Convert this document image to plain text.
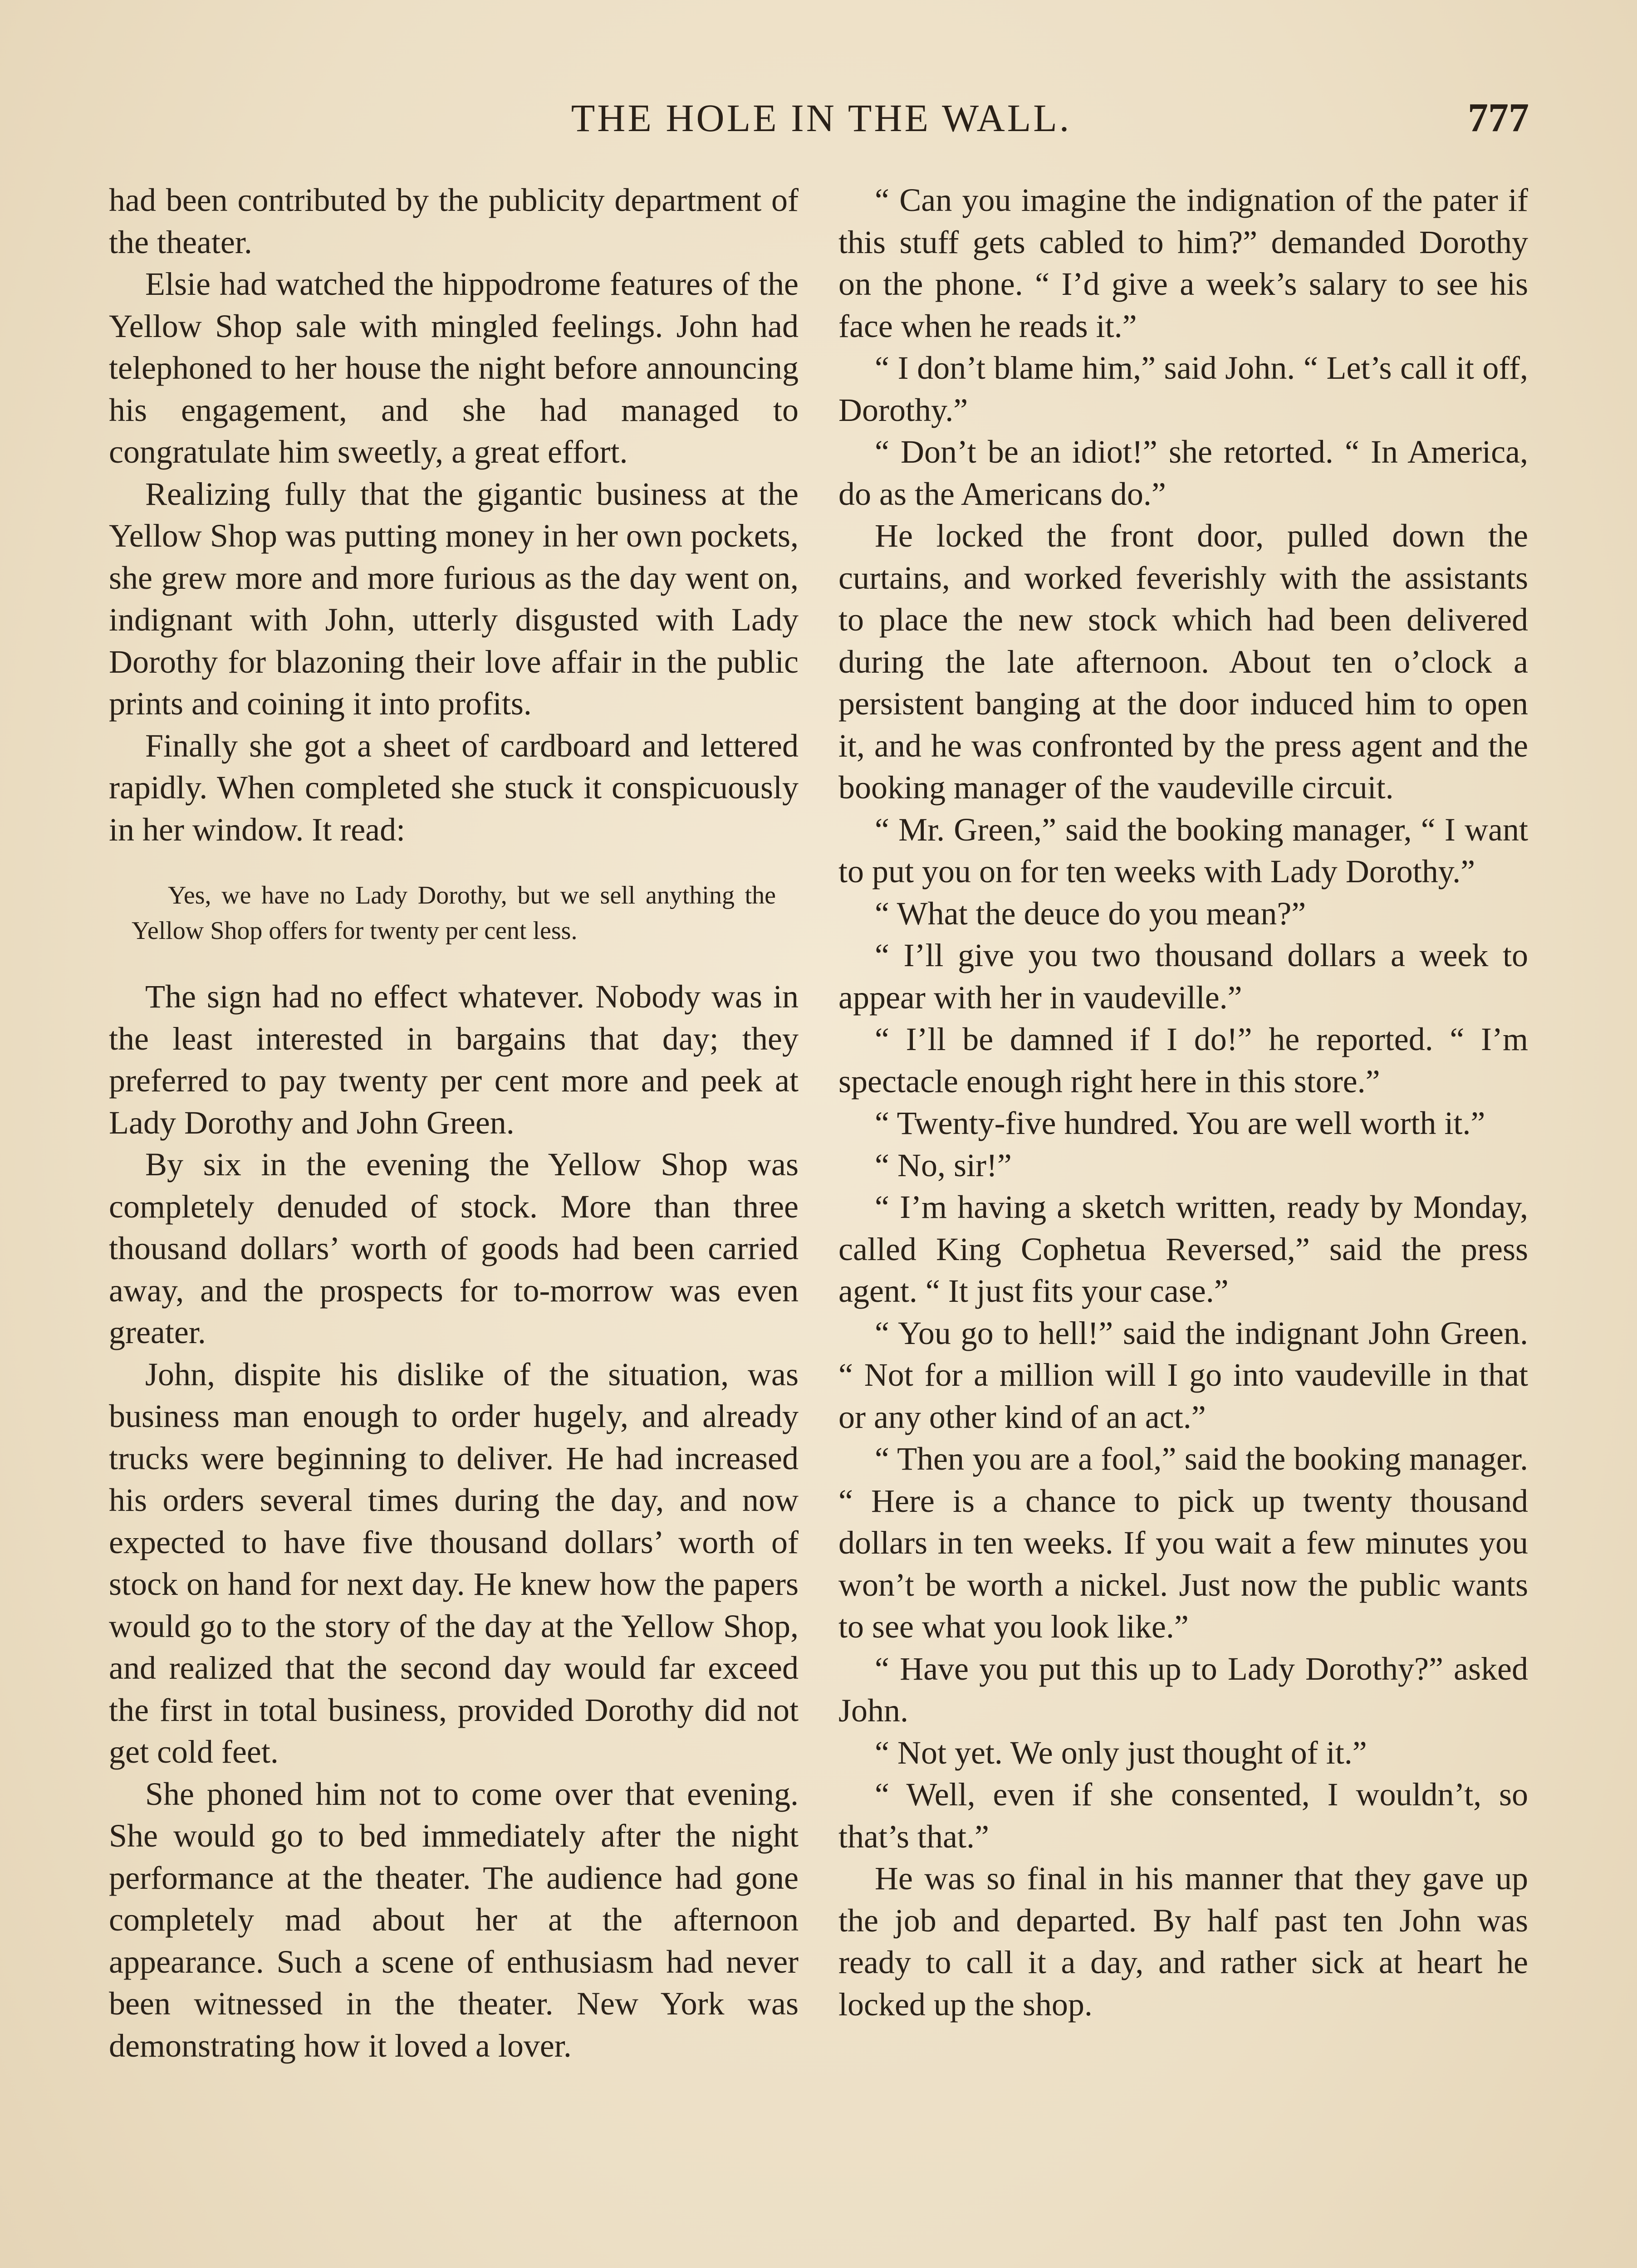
THE HOLE IN THE WALL.	777

had been contributed by the publicity department of the theater.

Elsie had watched the hippodrome features of the Yellow Shop sale with mingled feelings. John had telephoned to her house the night before announcing his engagement, and she had managed to congratulate him sweetly, a great effort.

Realizing fully that the gigantic business at the Yellow Shop was putting money in her own pockets, she grew more and more furious as the day went on, indignant with John, utterly disgusted with Lady Dorothy for blazoning their love affair in the public prints and coining it into profits.

Finally she got a sheet of cardboard and lettered rapidly. When completed she stuck it conspicuously in her window. It read:

Yes, we have no Lady Dorothy, but we sell anything the Yellow Shop offers for twenty per cent less.

The sign had no effect whatever. Nobody was in the least interested in bargains that day; they preferred to pay twenty per cent more and peek at Lady Dorothy and John Green.

By six in the evening the Yellow Shop was completely denuded of stock. More than three thousand dollars’ worth of goods had been carried away, and the prospects for to-morrow was even greater.

John, dispite his dislike of the situation, was business man enough to order hugely, and already trucks were beginning to deliver. He had increased his orders several times during the day, and now expected to have five thousand dollars’ worth of stock on hand for next day. He knew how the papers would go to the story of the day at the Yellow Shop, and realized that the second day would far exceed the first in total business, provided Dorothy did not get cold feet.

She phoned him not to come over that evening. She would go to bed immediately after the night performance at the theater. The audience had gone completely mad about her at the afternoon appearance. Such a scene of enthusiasm had never been witnessed in the theater. New York was demonstrating how it loved a lover.

“ Can you imagine the indignation of the pater if this stuff gets cabled to him?” demanded Dorothy on the phone. “ I’d give a week’s salary to see his face when he reads it.”

“ I don’t blame him,” said John. “ Let’s call it off, Dorothy.”

“ Don’t be an idiot!” she retorted. “ In America, do as the Americans do.”

He locked the front door, pulled down the curtains, and worked feverishly with the assistants to place the new stock which had been delivered during the late afternoon. About ten o’clock a persistent banging at the door induced him to open it, and he was confronted by the press agent and the booking manager of the vaudeville circuit.

“ Mr. Green,” said the booking manager, “ I want to put you on for ten weeks with Lady Dorothy.”

“ What the deuce do you mean?”

“ I’ll give you two thousand dollars a week to appear with her in vaudeville.”

“ I’ll be damned if I do!” he reported. “ I’m spectacle enough right here in this store.”

“ Twenty-five hundred. You are well worth it.”

“ No, sir!”

“ I’m having a sketch written, ready by Monday, called King Cophetua Reversed,” said the press agent. “ It just fits your case.”

“ You go to hell!” said the indignant John Green. “ Not for a million will I go into vaudeville in that or any other kind of an act.”

“ Then you are a fool,” said the booking manager. “ Here is a chance to pick up twenty thousand dollars in ten weeks. If you wait a few minutes you won’t be worth a nickel. Just now the public wants to see what you look like.”

“ Have you put this up to Lady Dorothy?” asked John.

“ Not yet. We only just thought of it.”

“ Well, even if she consented, I wouldn’t, so that’s that.”

He was so final in his manner that they gave up the job and departed. By half past ten John was ready to call it a day, and rather sick at heart he locked up the shop.
